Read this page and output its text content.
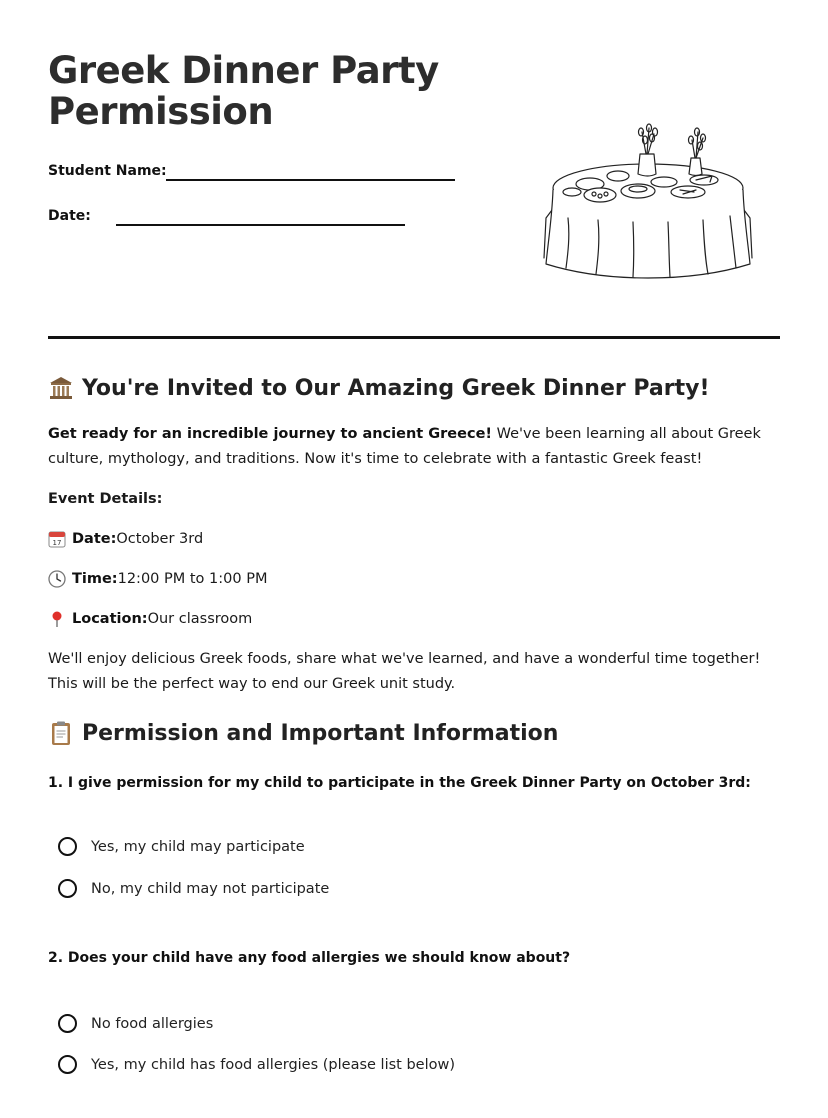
Greek Dinner Party
Permission
Student Name:
Date:
You're Invited to Our Amazing Greek Dinner Party!

Get ready for an incredible journey to ancient Greece! We've been learning all about Greek culture, mythology, and traditions. Now it's time to celebrate with a fantastic Greek feast!

Event Details:

17 Date: October 3rd
Time: 12:00 PM to 1:00 PM
Location: Our classroom

We'll enjoy delicious Greek foods, share what we've learned, and have a wonderful time together! This will be the perfect way to end our Greek unit study.

Permission and Important Information

1. I give permission for my child to participate in the Greek Dinner Party on October 3rd:

Yes, my child may participate
No, my child may not participate

2. Does your child have any food allergies we should know about?

No food allergies
Yes, my child has food allergies (please list below)
